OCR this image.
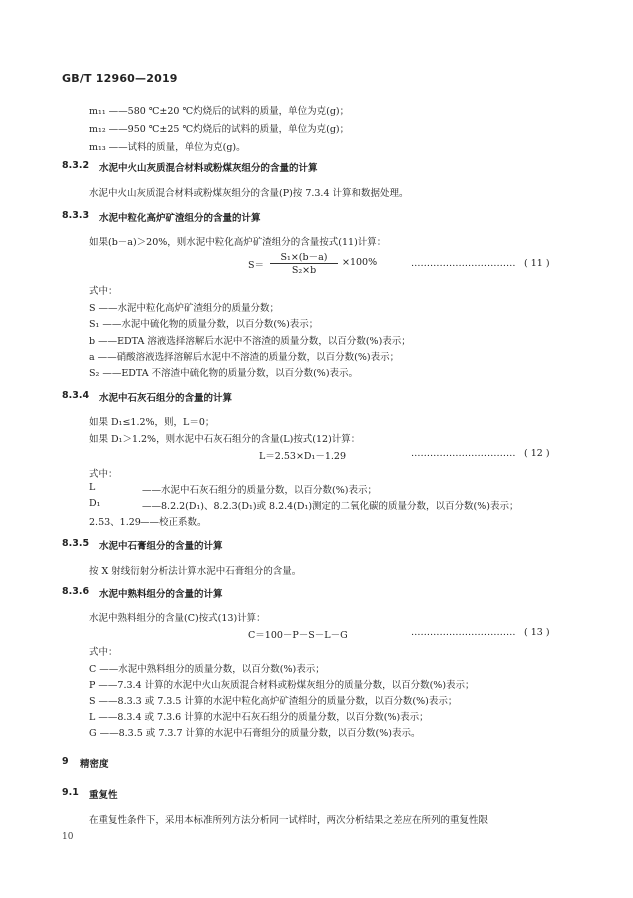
GB/T 12960—2019
m₁₁ ——580 ℃±20 ℃灼烧后的试料的质量，单位为克(g)；
m₁₂ ——950 ℃±25 ℃灼烧后的试料的质量，单位为克(g)；
m₁₃ ——试料的质量，单位为克(g)。
8.3.2 水泥中火山灰质混合材料或粉煤灰组分的含量的计算
水泥中火山灰质混合材料或粉煤灰组分的含量(P)按 7.3.4 计算和数据处理。
8.3.3 水泥中粒化高炉矿渣组分的含量的计算
如果(b－a)＞20%，则水泥中粒化高炉矿渣组分的含量按式(11)计算：
S＝
S₁×(b－a)
S₂×b
×100%	…………………………… ( 11 )
式中：
S ——水泥中粒化高炉矿渣组分的质量分数；
S₁ ——水泥中硫化物的质量分数，以百分数(%)表示；
b ——EDTA 溶液选择溶解后水泥中不溶渣的质量分数，以百分数(%)表示；
a ——硝酸溶液选择溶解后水泥中不溶渣的质量分数，以百分数(%)表示；
S₂ ——EDTA 不溶渣中硫化物的质量分数，以百分数(%)表示。
8.3.4 水泥中石灰石组分的含量的计算
如果 D₁≤1.2%，则，L＝0；
如果 D₁＞1.2%，则水泥中石灰石组分的含量(L)按式(12)计算：
L＝2.53×D₁－1.29	…………………………… ( 12 )
式中：
L	——水泥中石灰石组分的质量分数，以百分数(%)表示；
D₁	——8.2.2(D₁)、8.2.3(D₁)或 8.2.4(D₁)测定的二氧化碳的质量分数，以百分数(%)表示；
2.53、1.29 ——校正系数。
8.3.5 水泥中石膏组分的含量的计算
按 X 射线衍射分析法计算水泥中石膏组分的含量。
8.3.6 水泥中熟料组分的含量的计算
水泥中熟料组分的含量(C)按式(13)计算：
C＝100－P－S－L－G	…………………………… ( 13 )
式中：
C ——水泥中熟料组分的质量分数，以百分数(%)表示；
P ——7.3.4 计算的水泥中火山灰质混合材料或粉煤灰组分的质量分数，以百分数(%)表示；
S ——8.3.3 或 7.3.5 计算的水泥中粒化高炉矿渣组分的质量分数，以百分数(%)表示；
L ——8.3.4 或 7.3.6 计算的水泥中石灰石组分的质量分数，以百分数(%)表示；
G ——8.3.5 或 7.3.7 计算的水泥中石膏组分的质量分数，以百分数(%)表示。
9 精密度
9.1 重复性
在重复性条件下，采用本标准所列方法分析同一试样时，两次分析结果之差应在所列的重复性限
10
